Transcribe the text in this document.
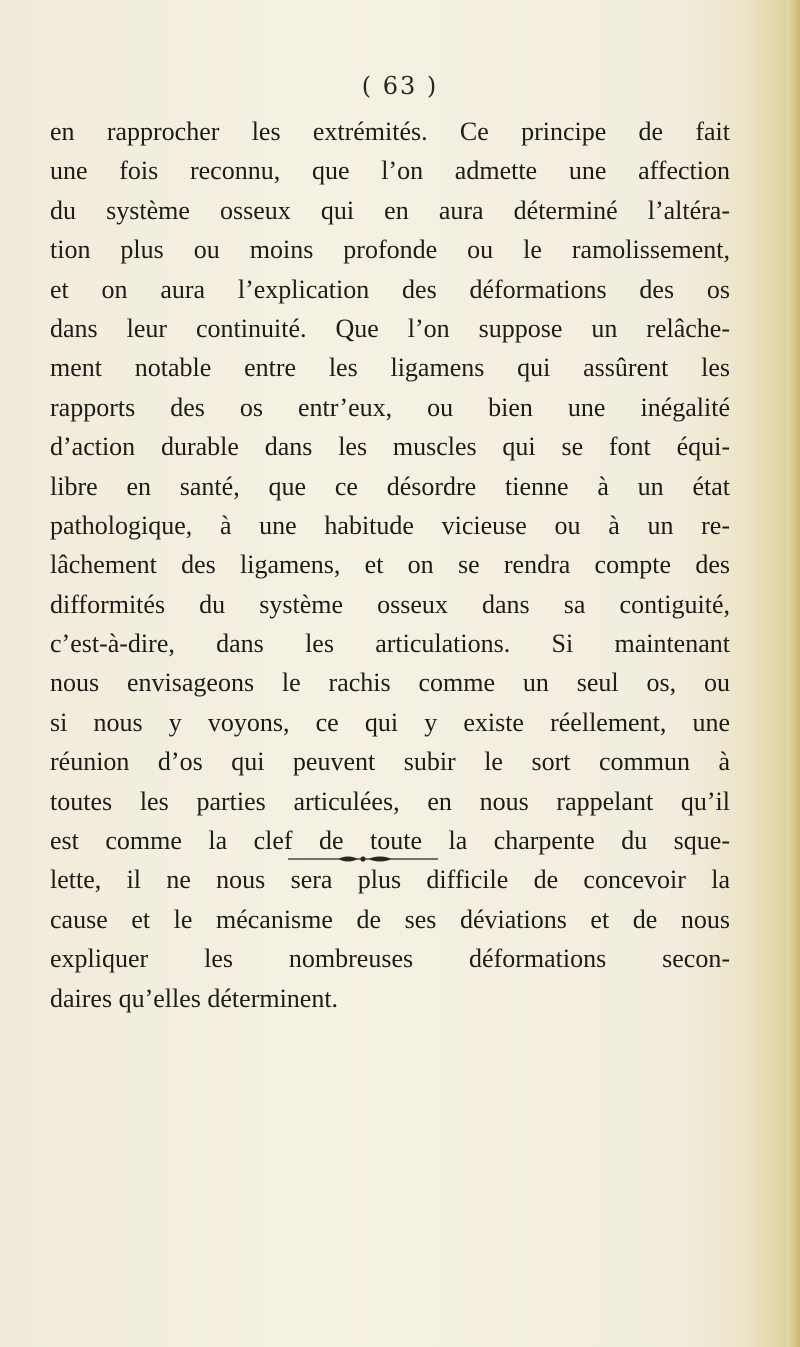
( 63 )
en rapprocher les extrémités. Ce principe de fait
une fois reconnu, que l’on admette une affection
du système osseux qui en aura déterminé l’altéra-
tion plus ou moins profonde ou le ramolissement,
et on aura l’explication des déformations des os
dans leur continuité. Que l’on suppose un relâche-
ment notable entre les ligamens qui assûrent les
rapports des os entr’eux, ou bien une inégalité
d’action durable dans les muscles qui se font équi-
libre en santé, que ce désordre tienne à un état
pathologique, à une habitude vicieuse ou à un re-
lâchement des ligamens, et on se rendra compte des
difformités du système osseux dans sa contiguité,
c’est-à-dire, dans les articulations. Si maintenant
nous envisageons le rachis comme un seul os, ou
si nous y voyons, ce qui y existe réellement, une
réunion d’os qui peuvent subir le sort commun à
toutes les parties articulées, en nous rappelant qu’il
est comme la clef de toute la charpente du sque-
lette, il ne nous sera plus difficile de concevoir la
cause et le mécanisme de ses déviations et de nous
expliquer les nombreuses déformations secon-
daires qu’elles déterminent.
